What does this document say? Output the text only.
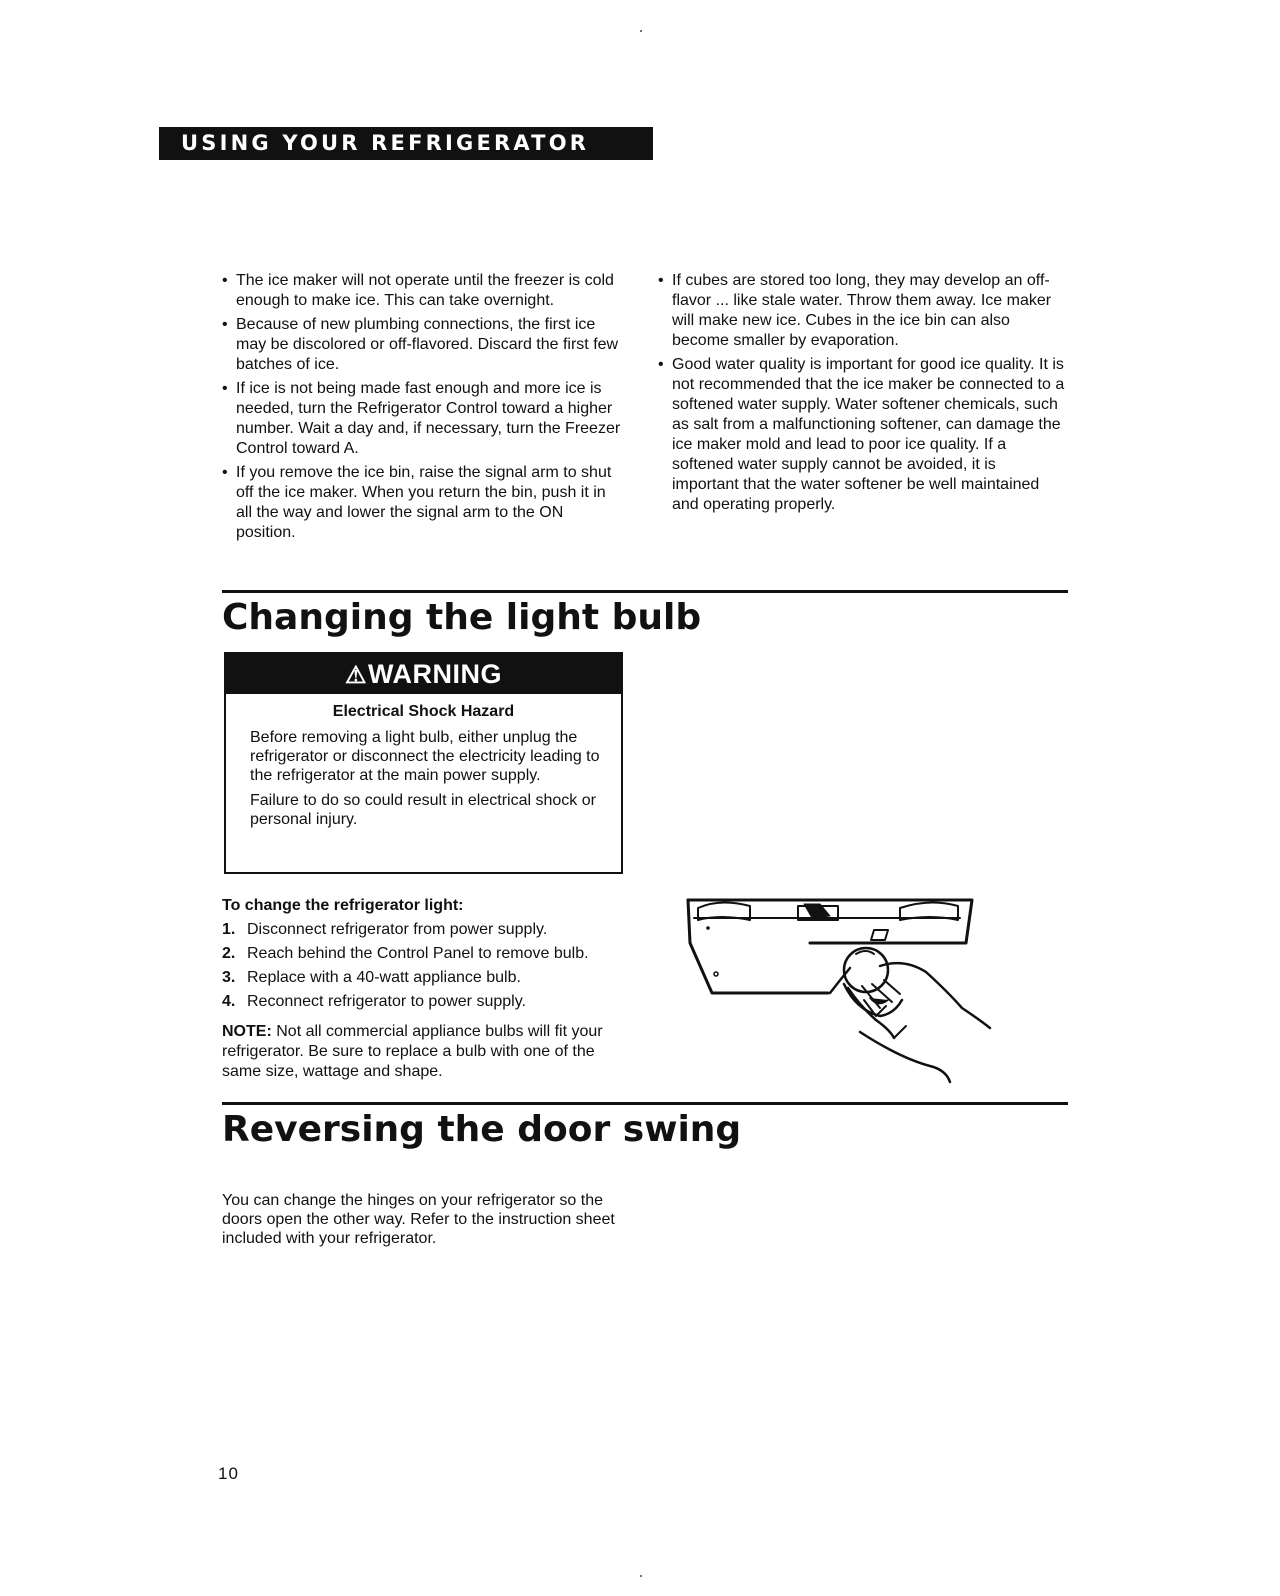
USING YOUR REFRIGERATOR
• The ice maker will not operate until the freezer is cold enough to make ice. This can take overnight.
• Because of new plumbing connections, the first ice may be discolored or off-flavored. Discard the first few batches of ice.
• If ice is not being made fast enough and more ice is needed, turn the Refrigerator Control toward a higher number. Wait a day and, if necessary, turn the Freezer Control toward A.
• If you remove the ice bin, raise the signal arm to shut off the ice maker. When you return the bin, push it in all the way and lower the signal arm to the ON position.
• If cubes are stored too long, they may develop an off-flavor ... like stale water. Throw them away. Ice maker will make new ice. Cubes in the ice bin can also become smaller by evaporation.
• Good water quality is important for good ice quality. It is not recommended that the ice maker be connected to a softened water supply. Water softener chemicals, such as salt from a malfunctioning softener, can damage the ice maker mold and lead to poor ice quality. If a softened water supply cannot be avoided, it is important that the water softener be well maintained and operating properly.
Changing the light bulb
⚠WARNING
Electrical Shock Hazard

Before removing a light bulb, either unplug the refrigerator or disconnect the electricity leading to the refrigerator at the main power supply.

Failure to do so could result in electrical shock or personal injury.

To change the refrigerator light:
1. Disconnect refrigerator from power supply.
2. Reach behind the Control Panel to remove bulb.
3. Replace with a 40-watt appliance bulb.
4. Reconnect refrigerator to power supply.
NOTE: Not all commercial appliance bulbs will fit your refrigerator. Be sure to replace a bulb with one of the same size, wattage and shape.
Reversing the door swing

You can change the hinges on your refrigerator so the doors open the other way. Refer to the instruction sheet included with your refrigerator.

10
